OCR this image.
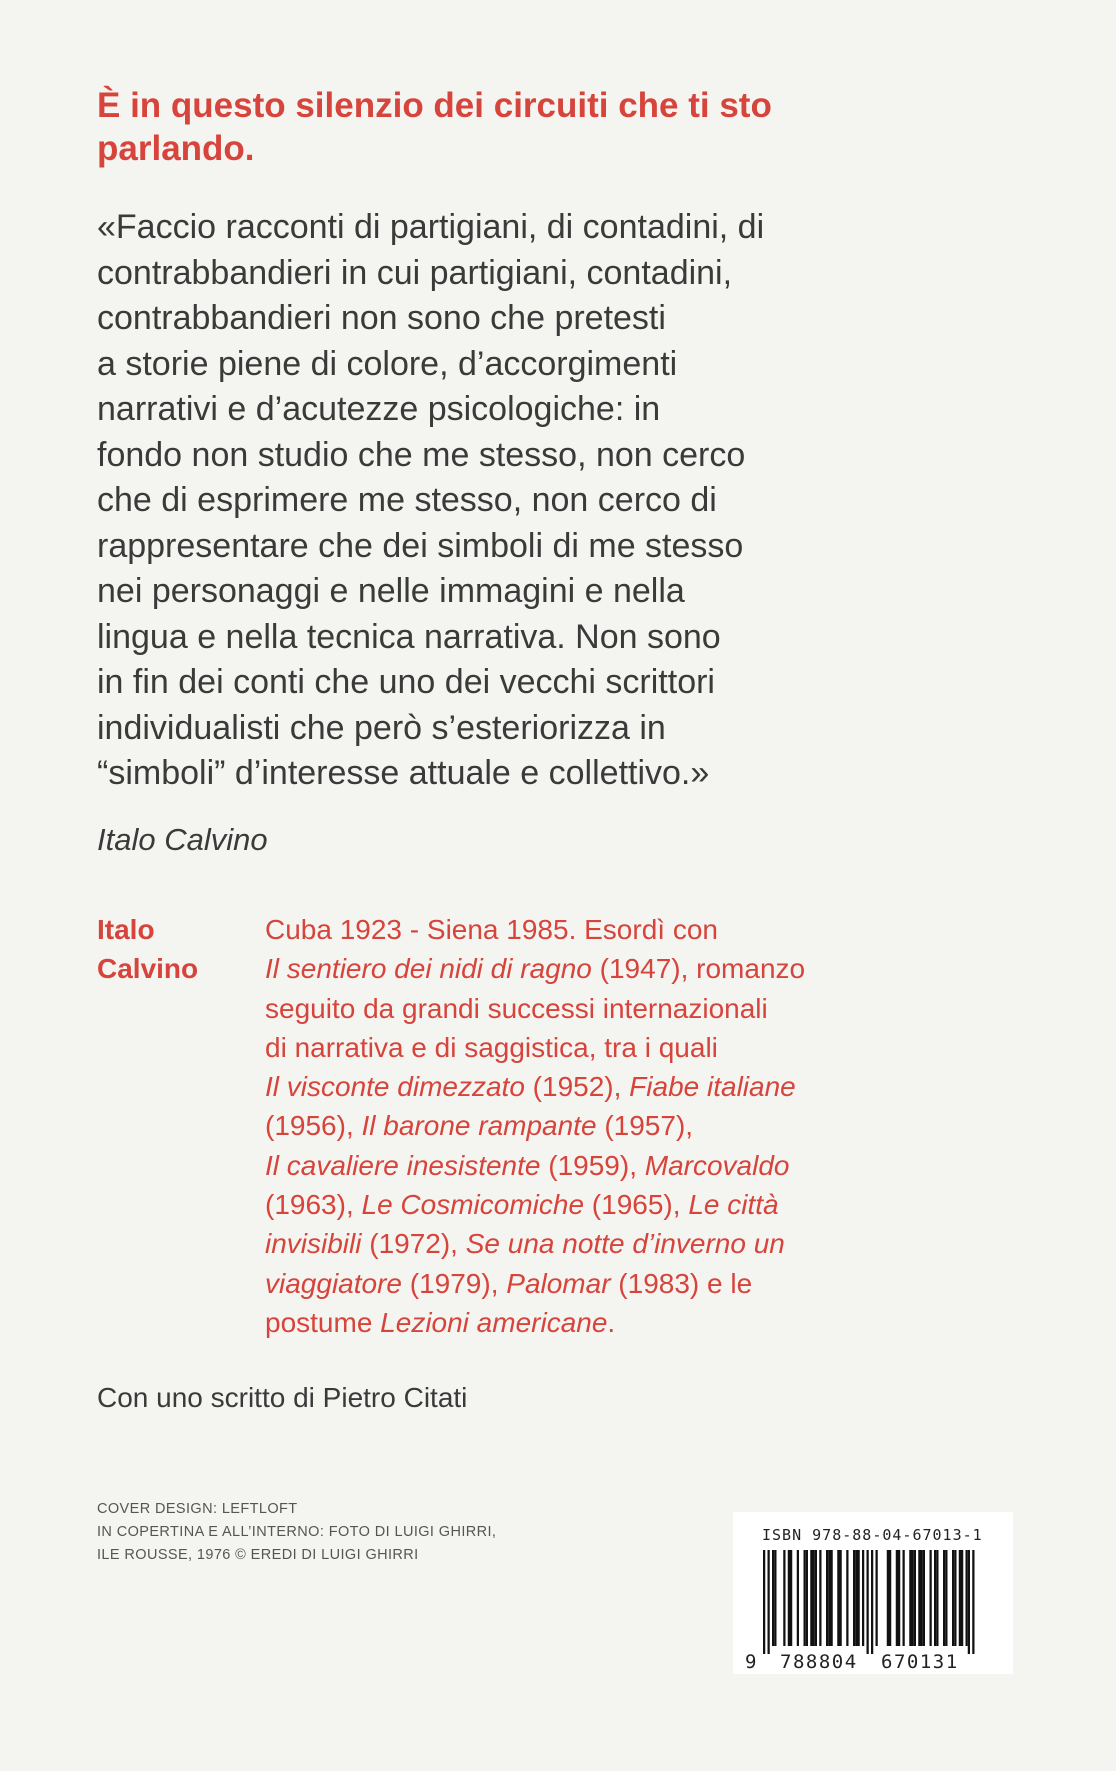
È in questo silenzio dei circuiti che ti sto
parlando.
«Faccio racconti di partigiani, di contadini, di
contrabbandieri in cui partigiani, contadini,
contrabbandieri non sono che pretesti
a storie piene di colore, d’accorgimenti
narrativi e d’acutezze psicologiche: in
fondo non studio che me stesso, non cerco
che di esprimere me stesso, non cerco di
rappresentare che dei simboli di me stesso
nei personaggi e nelle immagini e nella
lingua e nella tecnica narrativa. Non sono
in fin dei conti che uno dei vecchi scrittori
individualisti che però s’esteriorizza in
“simboli” d’interesse attuale e collettivo.»
Italo Calvino
Italo
Calvino
Cuba 1923 - Siena 1985. Esordì con
Il sentiero dei nidi di ragno (1947), romanzo
seguito da grandi successi internazionali
di narrativa e di saggistica, tra i quali
Il visconte dimezzato (1952), Fiabe italiane
(1956), Il barone rampante (1957),
Il cavaliere inesistente (1959), Marcovaldo
(1963), Le Cosmicomiche (1965), Le città
invisibili (1972), Se una notte d’inverno un
viaggiatore (1979), Palomar (1983) e le
postume Lezioni americane.
Con uno scritto di Pietro Citati
COVER DESIGN: LEFTLOFT
IN COPERTINA E ALL’INTERNO: FOTO DI LUIGI GHIRRI,
ILE ROUSSE, 1976 © EREDI DI LUIGI GHIRRI
ISBN 978-88-04-67013-1
9 788804 670131
